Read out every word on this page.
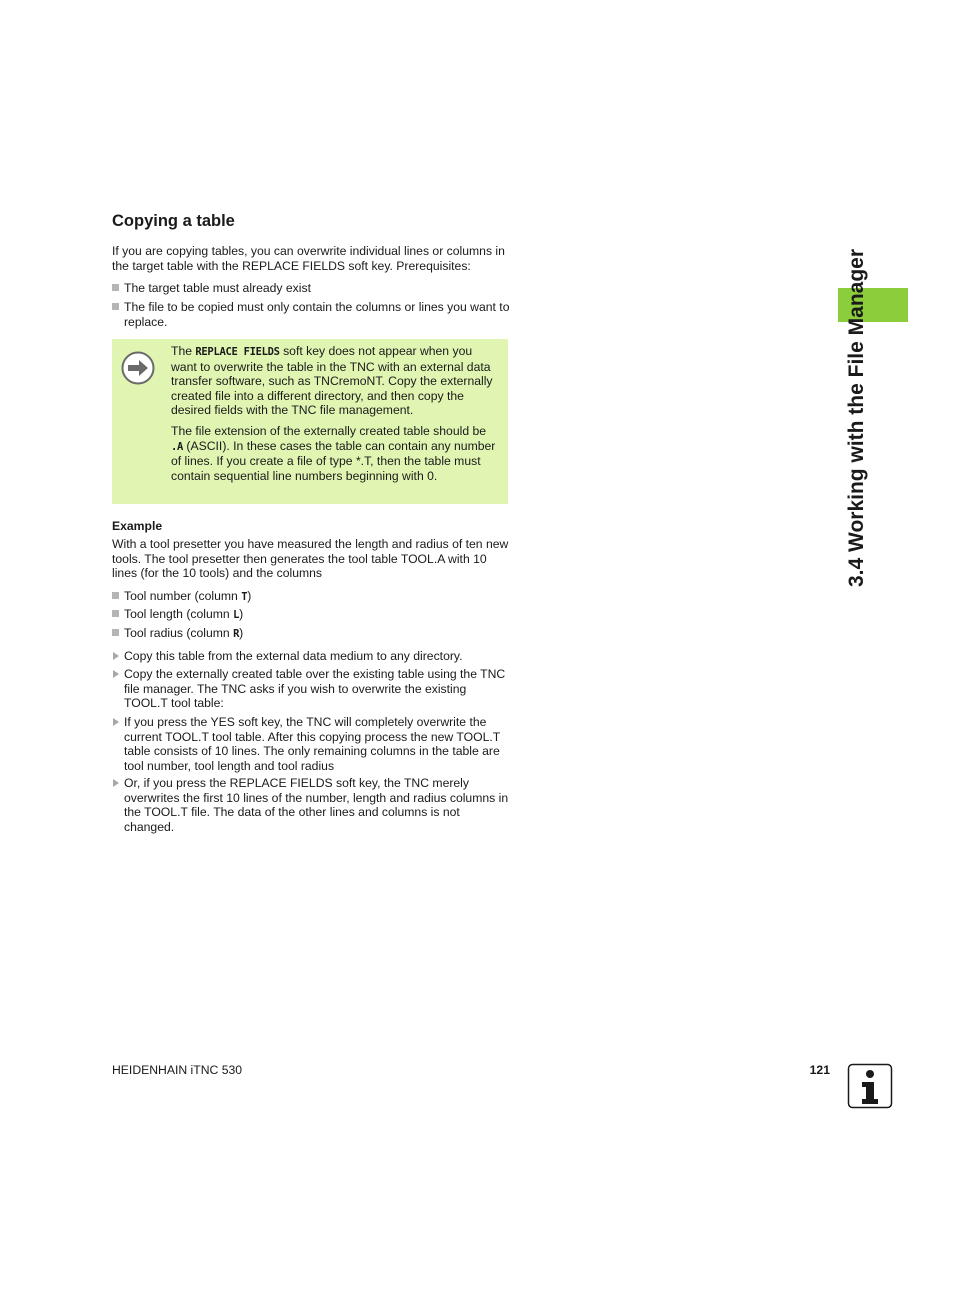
Copying a table

If you are copying tables, you can overwrite individual lines or columns in the target table with the REPLACE FIELDS soft key. Prerequisites:

The target table must already exist
The file to be copied must only contain the columns or lines you want to replace.

The REPLACE FIELDS soft key does not appear when you want to overwrite the table in the TNC with an external data transfer software, such as TNCremoNT. Copy the externally created file into a different directory, and then copy the desired fields with the TNC file management.

The file extension of the externally created table should be .A (ASCII). In these cases the table can contain any number of lines. If you create a file of type *.T, then the table must contain sequential line numbers beginning with 0.

Example

With a tool presetter you have measured the length and radius of ten new tools. The tool presetter then generates the tool table TOOL.A with 10 lines (for the 10 tools) and the columns

Tool number (column T)
Tool length (column L)
Tool radius (column R)
Copy this table from the external data medium to any directory.
Copy the externally created table over the existing table using the TNC file manager. The TNC asks if you wish to overwrite the existing TOOL.T tool table:
If you press the YES soft key, the TNC will completely overwrite the current TOOL.T tool table. After this copying process the new TOOL.T table consists of 10 lines. The only remaining columns in the table are tool number, tool length and tool radius
Or, if you press the REPLACE FIELDS soft key, the TNC merely overwrites the first 10 lines of the number, length and radius columns in the TOOL.T file. The data of the other lines and columns is not changed.
3.4 Working with the File Manager
HEIDENHAIN iTNC 530	121
